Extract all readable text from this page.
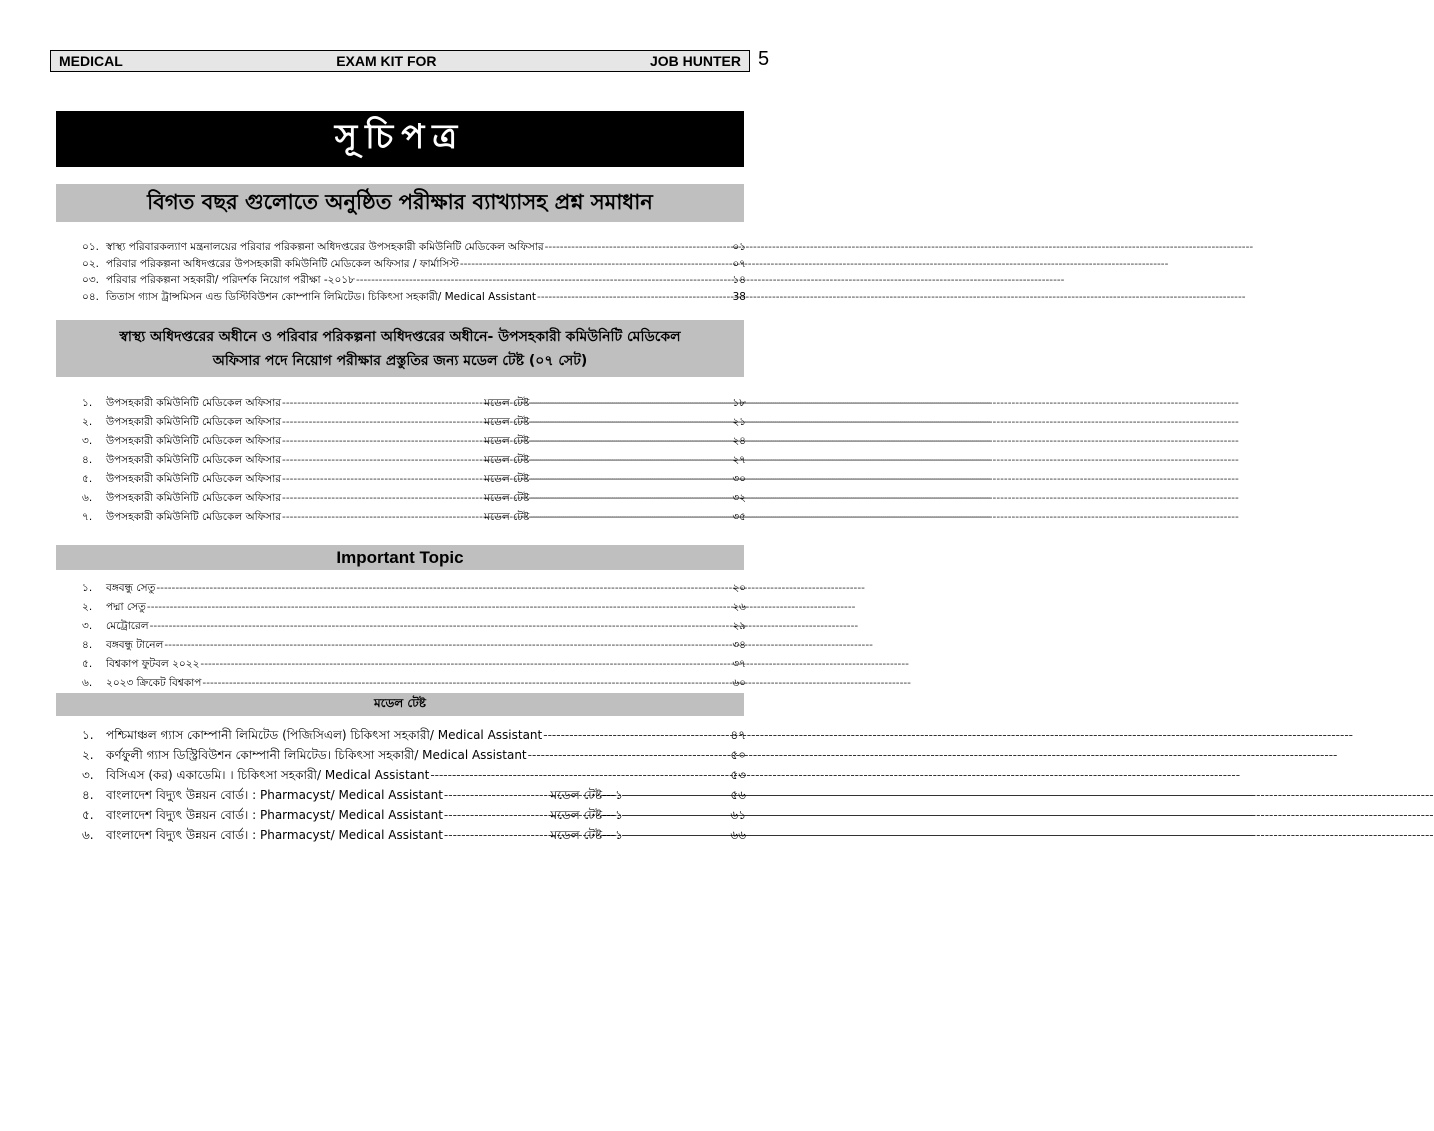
MEDICAL	EXAM KIT FOR	JOB HUNTER 5
সূচিপত্র
বিগত বছর গুলোতে অনুষ্ঠিত পরীক্ষার ব্যাখ্যাসহ প্রশ্ন সমাধান
০১. স্বাস্থ্য পরিবারকল্যাণ মন্ত্রনালয়ের পরিবার পরিকল্পনা অধিদপ্তরের উপসহকারী কমিউনিটি মেডিকেল অফিসার -----	০১
০২. পরিবার পরিকল্পনা অধিদপ্তরের উপসহকারী কমিউনিটি মেডিকেল অফিসার / ফার্মাসিস্ট -----	০৭
০৩. পরিবার পরিকল্পনা সহকারী/ পরিদর্শক নিয়োগ পরীক্ষা -২০১৮ -----	১৪
০৪. তিতাস গ্যাস ট্রান্সমিসন এন্ড ডিস্টিবিউশন কোম্পানি লিমিটেড। চিকিৎসা সহকারী/ Medical Assistant -----	38
স্বাস্থ্য অধিদপ্তরের অধীনে ও পরিবার পরিকল্পনা অধিদপ্তরের অধীনে- উপসহকারী কমিউনিটি মেডিকেল
অফিসার পদে নিয়োগ পরীক্ষার প্রস্তুতির জন্য মডেল টেষ্ট (০৭ সেট)
১.	উপসহকারী কমিউনিটি মেডিকেল অফিসার -----	মডেল টেষ্ট -----	১৮
২.	উপসহকারী কমিউনিটি মেডিকেল অফিসার -----	মডেল টেষ্ট -----	২১
৩.	উপসহকারী কমিউনিটি মেডিকেল অফিসার -----	মডেল টেষ্ট -----	২৪
৪.	উপসহকারী কমিউনিটি মেডিকেল অফিসার -----	মডেল টেষ্ট -----	২৭
৫.	উপসহকারী কমিউনিটি মেডিকেল অফিসার -----	মডেল টেষ্ট -----	৩০
৬.	উপসহকারী কমিউনিটি মেডিকেল অফিসার -----	মডেল টেষ্ট -----	৩২
৭.	উপসহকারী কমিউনিটি মেডিকেল অফিসার -----	মডেল টেষ্ট -----	৩৫
Important Topic
১.	বঙ্গবন্ধু সেতু -----	২০
২.	পদ্মা সেতু -----	২৬
৩.	মেট্রোরেল -----	২৯
৪.	বঙ্গবন্ধু টানেল -----	৩৪
৫.	বিশ্বকাপ ফুটবল ২০২২ -----	৩৭
৬.	২০২৩ ক্রিকেট বিশ্বকাপ -----	৬০
মডেল টেষ্ট
১.	পশ্চিমাঞ্চল গ্যাস কোম্পানী লিমিটেড (পিজিসিএল) চিকিৎসা সহকারী/ Medical Assistant -----	৪৭
২.	কর্ণফুলী গ্যাস ডিস্ট্রিবিউশন কোম্পানী লিমিটেড। চিকিৎসা সহকারী/ Medical Assistant -----	৫০
৩.	বিসিএস (কর) একাডেমি। । চিকিৎসা সহকারী/ Medical Assistant -----	৫৩
৪.	বাংলাদেশ বিদ্যুৎ উন্নয়ন বোর্ড। : Pharmacyst/ Medical Assistant -----	মডেল টেষ্ট---১ -----	৫৬
৫.	বাংলাদেশ বিদ্যুৎ উন্নয়ন বোর্ড। : Pharmacyst/ Medical Assistant -----	মডেল টেষ্ট---১ -----	৬১
৬.	বাংলাদেশ বিদ্যুৎ উন্নয়ন বোর্ড। : Pharmacyst/ Medical Assistant -----	মডেল টেষ্ট---১ -----	৬৬
